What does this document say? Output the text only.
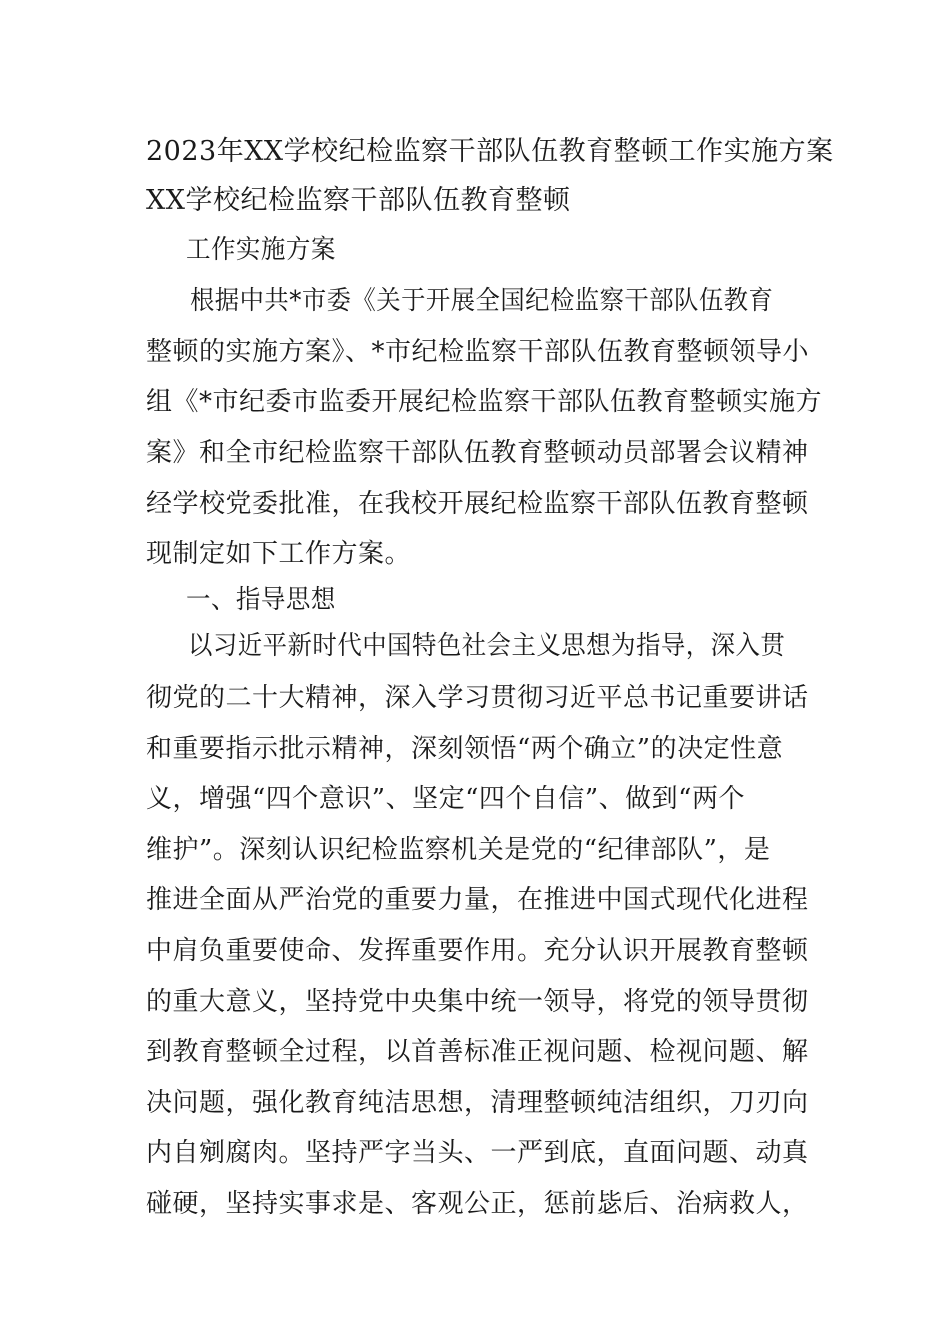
2023年XX学校纪检监察干部队伍教育整顿工作实施方案
XX学校纪检监察干部队伍教育整顿
工作实施方案
根据中共*市委《关于开展全国纪检监察干部队伍教育
整顿的实施方案》、*市纪检监察干部队伍教育整顿领导小
组《*市纪委市监委开展纪检监察干部队伍教育整顿实施方
案》和全市纪检监察干部队伍教育整顿动员部署会议精神
经学校党委批准，在我校开展纪检监察干部队伍教育整顿
现制定如下工作方案。
一、指导思想
以习近平新时代中国特色社会主义思想为指导，深入贯
彻党的二十大精神，深入学习贯彻习近平总书记重要讲话
和重要指示批示精神，深刻领悟“两个确立”的决定性意
义，增强“四个意识”、坚定“四个自信”、做到“两个
维护”。深刻认识纪检监察机关是党的“纪律部队”，是
推进全面从严治党的重要力量，在推进中国式现代化进程
中肩负重要使命、发挥重要作用。充分认识开展教育整顿
的重大意义，坚持党中央集中统一领导，将党的领导贯彻
到教育整顿全过程，以首善标准正视问题、检视问题、解
决问题，强化教育纯洁思想，清理整顿纯洁组织，刀刃向
内自剜腐肉。坚持严字当头、一严到底，直面问题、动真
碰硬，坚持实事求是、客观公正，惩前毖后、治病救人，
